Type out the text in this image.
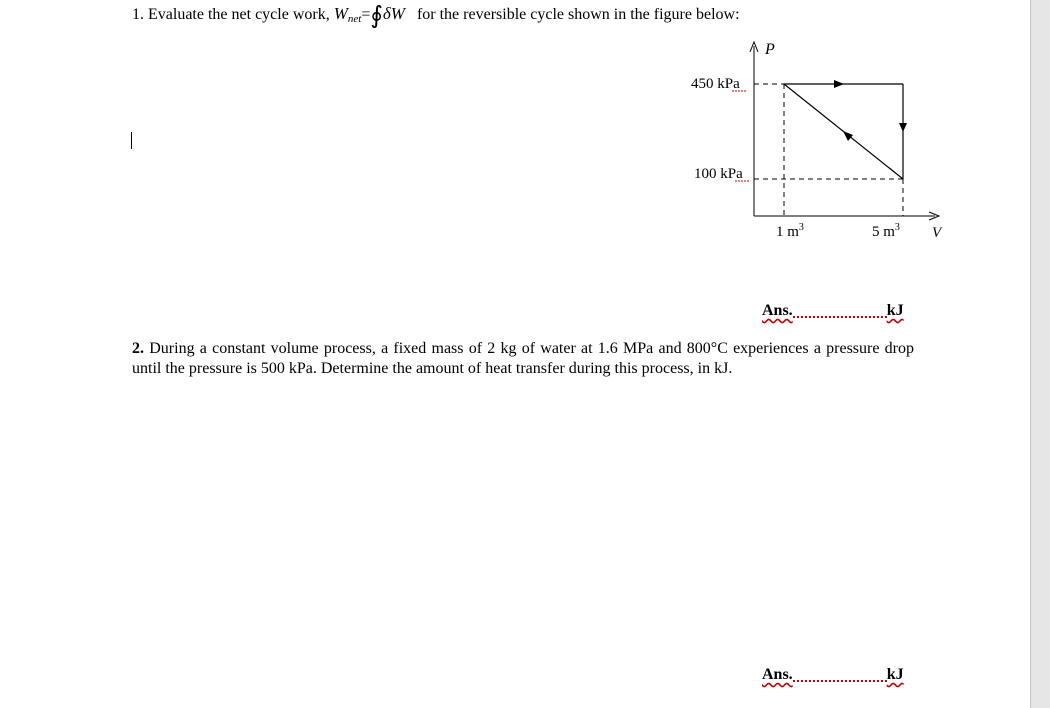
1. Evaluate the net cycle work, $W_{net}=∮\delta W$ for the reversible cycle shown in the figure below:
P
V
450 kPa
100 kPa
1 $m^3$	5 $m^3$
Ans.	kJ
2. During a constant volume process, a fixed mass of 2 kg of water at 1.6 MPa and 800°C experiences a pressure drop until the pressure is 500 kPa. Determine the amount of heat transfer during this process, in kJ.
Ans.	kJ
